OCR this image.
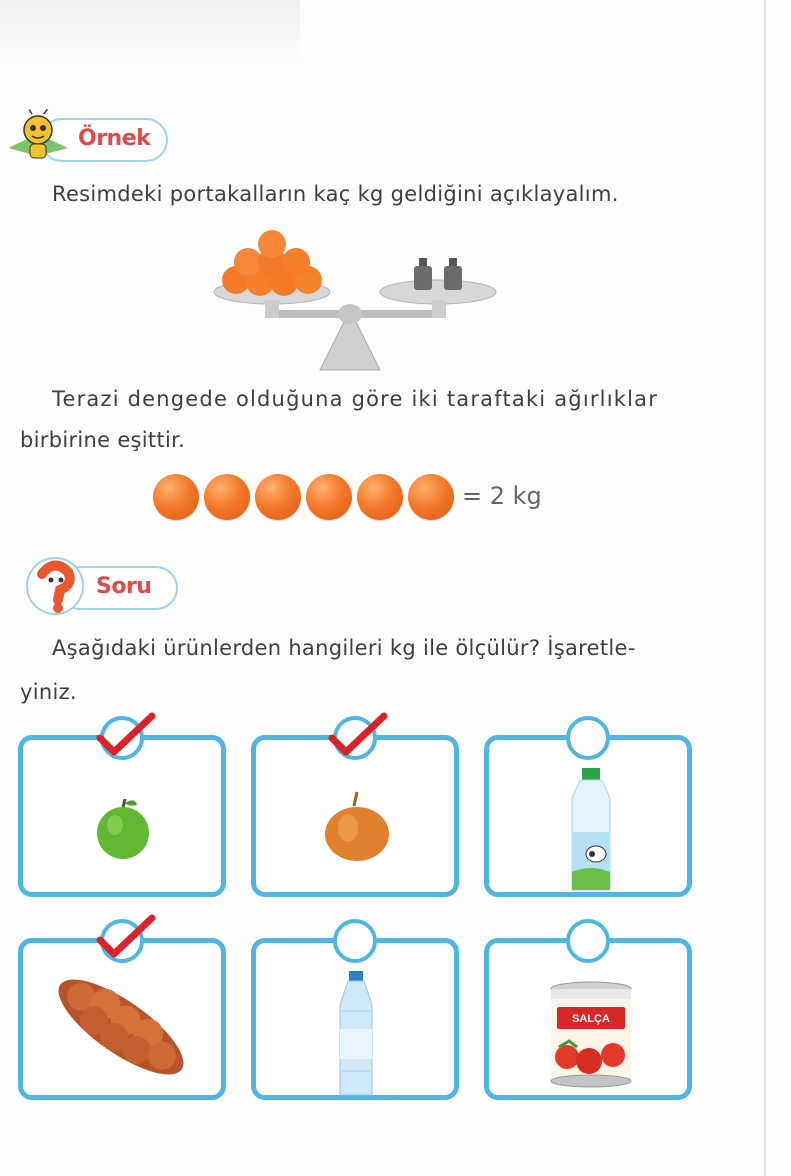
Örnek
Resimdeki portakalların kaç kg geldiğini açıklayalım.
Terazi dengede olduğuna göre iki taraftaki ağırlıklar
birbirine eşittir.
= 2 kg
Soru
Aşağıdaki ürünlerden hangileri kg ile ölçülür? İşaretle-
yiniz.
SALÇA
